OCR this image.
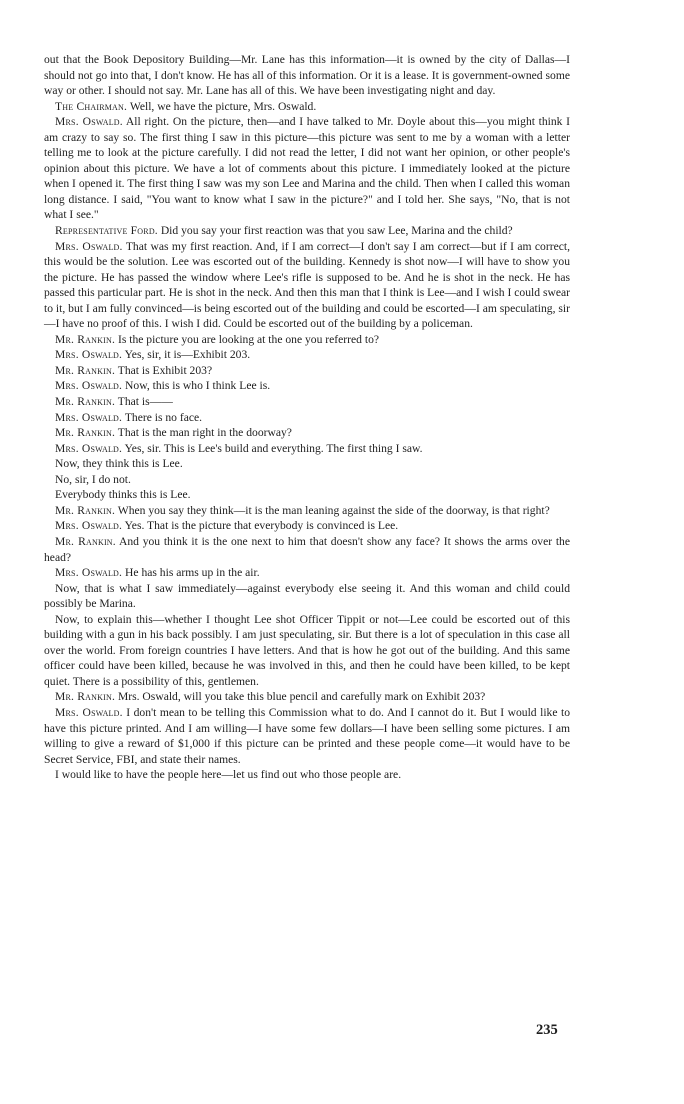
out that the Book Depository Building—Mr. Lane has this information—it is owned by the city of Dallas—I should not go into that, I don't know. He has all of this information. Or it is a lease. It is government-owned some way or other. I should not say. Mr. Lane has all of this. We have been investigating night and day.

The Chairman. Well, we have the picture, Mrs. Oswald.

Mrs. Oswald. All right. On the picture, then—and I have talked to Mr. Doyle about this—you might think I am crazy to say so. The first thing I saw in this picture—this picture was sent to me by a woman with a letter telling me to look at the picture carefully. I did not read the letter, I did not want her opinion, or other people's opinion about this picture. We have a lot of comments about this picture. I immediately looked at the picture when I opened it. The first thing I saw was my son Lee and Marina and the child. Then when I called this woman long distance. I said, "You want to know what I saw in the picture?" and I told her. She says, "No, that is not what I see."

Representative Ford. Did you say your first reaction was that you saw Lee, Marina and the child?

Mrs. Oswald. That was my first reaction. And, if I am correct—I don't say I am correct—but if I am correct, this would be the solution. Lee was escorted out of the building. Kennedy is shot now—I will have to show you the picture. He has passed the window where Lee's rifle is supposed to be. And he is shot in the neck. He has passed this particular part. He is shot in the neck. And then this man that I think is Lee—and I wish I could swear to it, but I am fully convinced—is being escorted out of the building and could be escorted—I am speculating, sir—I have no proof of this. I wish I did. Could be escorted out of the building by a policeman.

Mr. Rankin. Is the picture you are looking at the one you referred to?

Mrs. Oswald. Yes, sir, it is—Exhibit 203.

Mr. Rankin. That is Exhibit 203?

Mrs. Oswald. Now, this is who I think Lee is.

Mr. Rankin. That is——

Mrs. Oswald. There is no face.

Mr. Rankin. That is the man right in the doorway?

Mrs. Oswald. Yes, sir. This is Lee's build and everything. The first thing I saw.

Now, they think this is Lee.

No, sir, I do not.

Everybody thinks this is Lee.

Mr. Rankin. When you say they think—it is the man leaning against the side of the doorway, is that right?

Mrs. Oswald. Yes. That is the picture that everybody is convinced is Lee.

Mr. Rankin. And you think it is the one next to him that doesn't show any face? It shows the arms over the head?

Mrs. Oswald. He has his arms up in the air.

Now, that is what I saw immediately—against everybody else seeing it. And this woman and child could possibly be Marina.

Now, to explain this—whether I thought Lee shot Officer Tippit or not—Lee could be escorted out of this building with a gun in his back possibly. I am just speculating, sir. But there is a lot of speculation in this case all over the world. From foreign countries I have letters. And that is how he got out of the building. And this same officer could have been killed, because he was involved in this, and then he could have been killed, to be kept quiet. There is a possibility of this, gentlemen.

Mr. Rankin. Mrs. Oswald, will you take this blue pencil and carefully mark on Exhibit 203?

Mrs. Oswald. I don't mean to be telling this Commission what to do. And I cannot do it. But I would like to have this picture printed. And I am willing—I have some few dollars—I have been selling some pictures. I am willing to give a reward of $1,000 if this picture can be printed and these people come—it would have to be Secret Service, FBI, and state their names.

I would like to have the people here—let us find out who those people are.

235
